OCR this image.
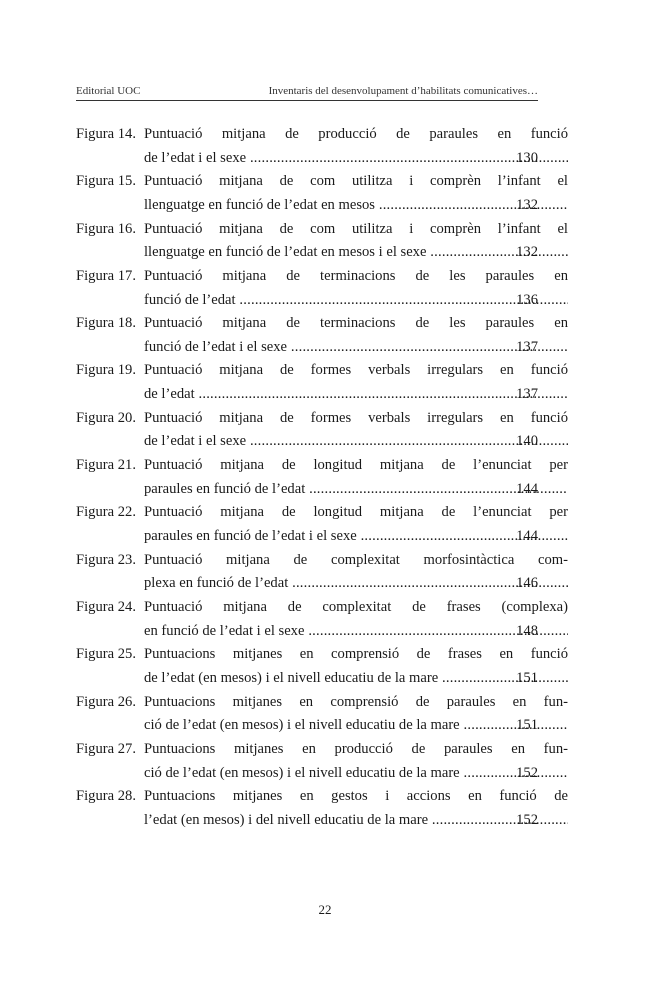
Editorial UOC	Inventaris del desenvolupament d’habilitats comunicatives…
Figura 14. Puntuació mitjana de producció de paraules en funció
de l’edat i el sexe .....	130
Figura 15. Puntuació mitjana de com utilitza i comprèn l’infant el
llenguatge en funció de l’edat en mesos .....	132
Figura 16. Puntuació mitjana de com utilitza i comprèn l’infant el
llenguatge en funció de l’edat en mesos i el sexe .....	132
Figura 17. Puntuació mitjana de terminacions de les paraules en
funció de l’edat .....	136
Figura 18. Puntuació mitjana de terminacions de les paraules en
funció de l’edat i el sexe .....	137
Figura 19. Puntuació mitjana de formes verbals irregulars en funció
de l’edat .....	137
Figura 20. Puntuació mitjana de formes verbals irregulars en funció
de l’edat i el sexe .....	140
Figura 21. Puntuació mitjana de longitud mitjana de l’enunciat per
paraules en funció de l’edat .....	144
Figura 22. Puntuació mitjana de longitud mitjana de l’enunciat per
paraules en funció de l’edat i el sexe .....	144
Figura 23. Puntuació mitjana de complexitat morfosintàctica com-
plexa en funció de l’edat .....	146
Figura 24. Puntuació mitjana de complexitat de frases (complexa)
en funció de l’edat i el sexe .....	148
Figura 25. Puntuacions mitjanes en comprensió de frases en funció
de l’edat (en mesos) i el nivell educatiu de la mare .....	151
Figura 26. Puntuacions mitjanes en comprensió de paraules en fun-
ció de l’edat (en mesos) i el nivell educatiu de la mare .....	151
Figura 27. Puntuacions mitjanes en producció de paraules en fun-
ció de l’edat (en mesos) i el nivell educatiu de la mare .....	152
Figura 28. Puntuacions mitjanes en gestos i accions en funció de
l’edat (en mesos) i del nivell educatiu de la mare .....	152
22
